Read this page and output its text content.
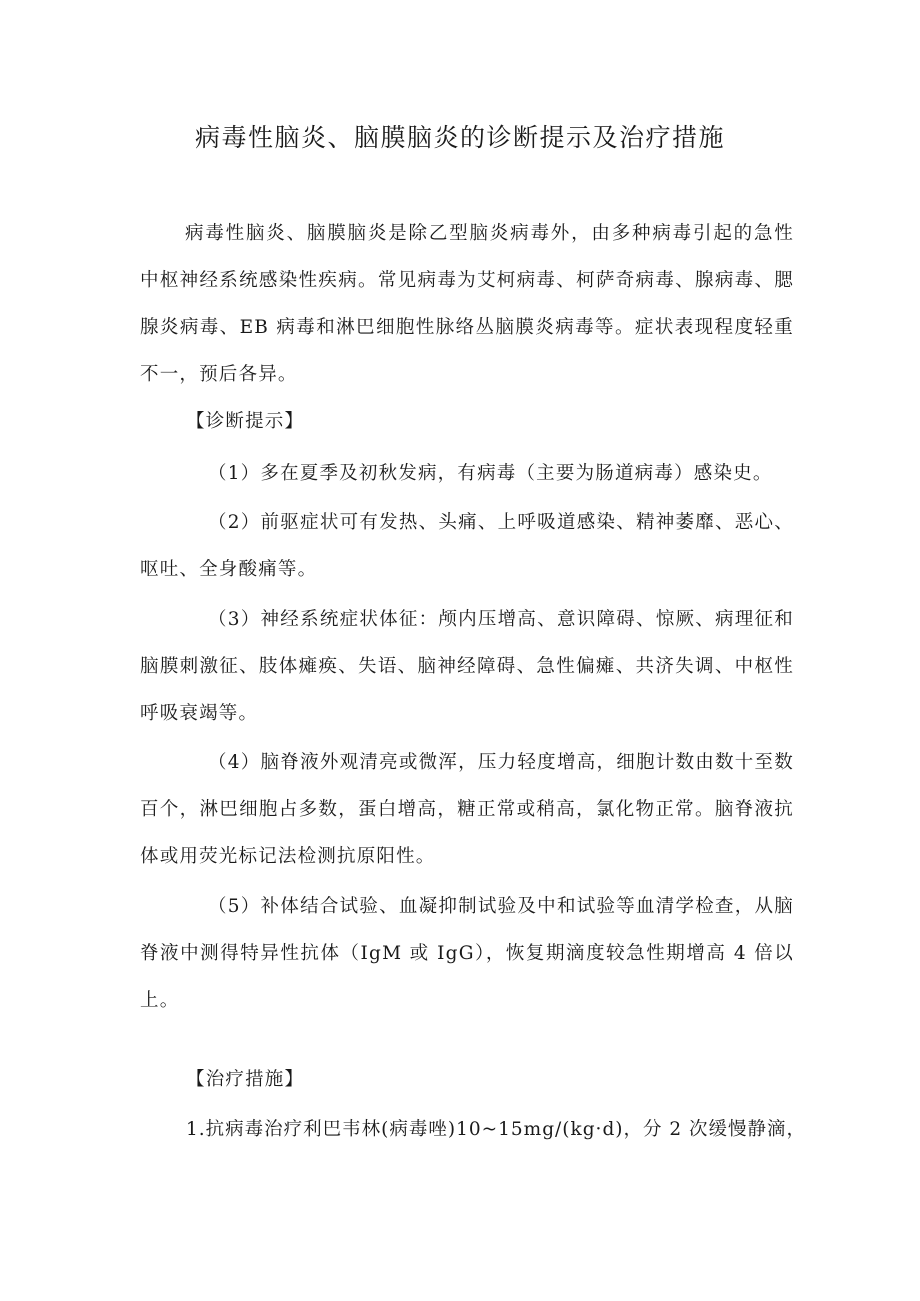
病毒性脑炎、脑膜脑炎的诊断提示及治疗措施

病毒性脑炎、脑膜脑炎是除乙型脑炎病毒外，由多种病毒引起的急性中枢神经系统感染性疾病。常见病毒为艾柯病毒、柯萨奇病毒、腺病毒、腮腺炎病毒、EB 病毒和淋巴细胞性脉络丛脑膜炎病毒等。症状表现程度轻重不一，预后各异。

【诊断提示】

（1）多在夏季及初秋发病，有病毒（主要为肠道病毒）感染史。

（2）前驱症状可有发热、头痛、上呼吸道感染、精神萎靡、恶心、呕吐、全身酸痛等。

（3）神经系统症状体征：颅内压增高、意识障碍、惊厥、病理征和脑膜刺激征、肢体瘫痪、失语、脑神经障碍、急性偏瘫、共济失调、中枢性呼吸衰竭等。

（4）脑脊液外观清亮或微浑，压力轻度增高，细胞计数由数十至数百个，淋巴细胞占多数，蛋白增高，糖正常或稍高，氯化物正常。脑脊液抗体或用荧光标记法检测抗原阳性。

（5）补体结合试验、血凝抑制试验及中和试验等血清学检查，从脑脊液中测得特异性抗体（IgM 或 IgG），恢复期滴度较急性期增高 4 倍以上。

【治疗措施】

1.抗病毒治疗利巴韦林(病毒唑)10~15mg/(kg·d)，分 2 次缓慢静滴，
